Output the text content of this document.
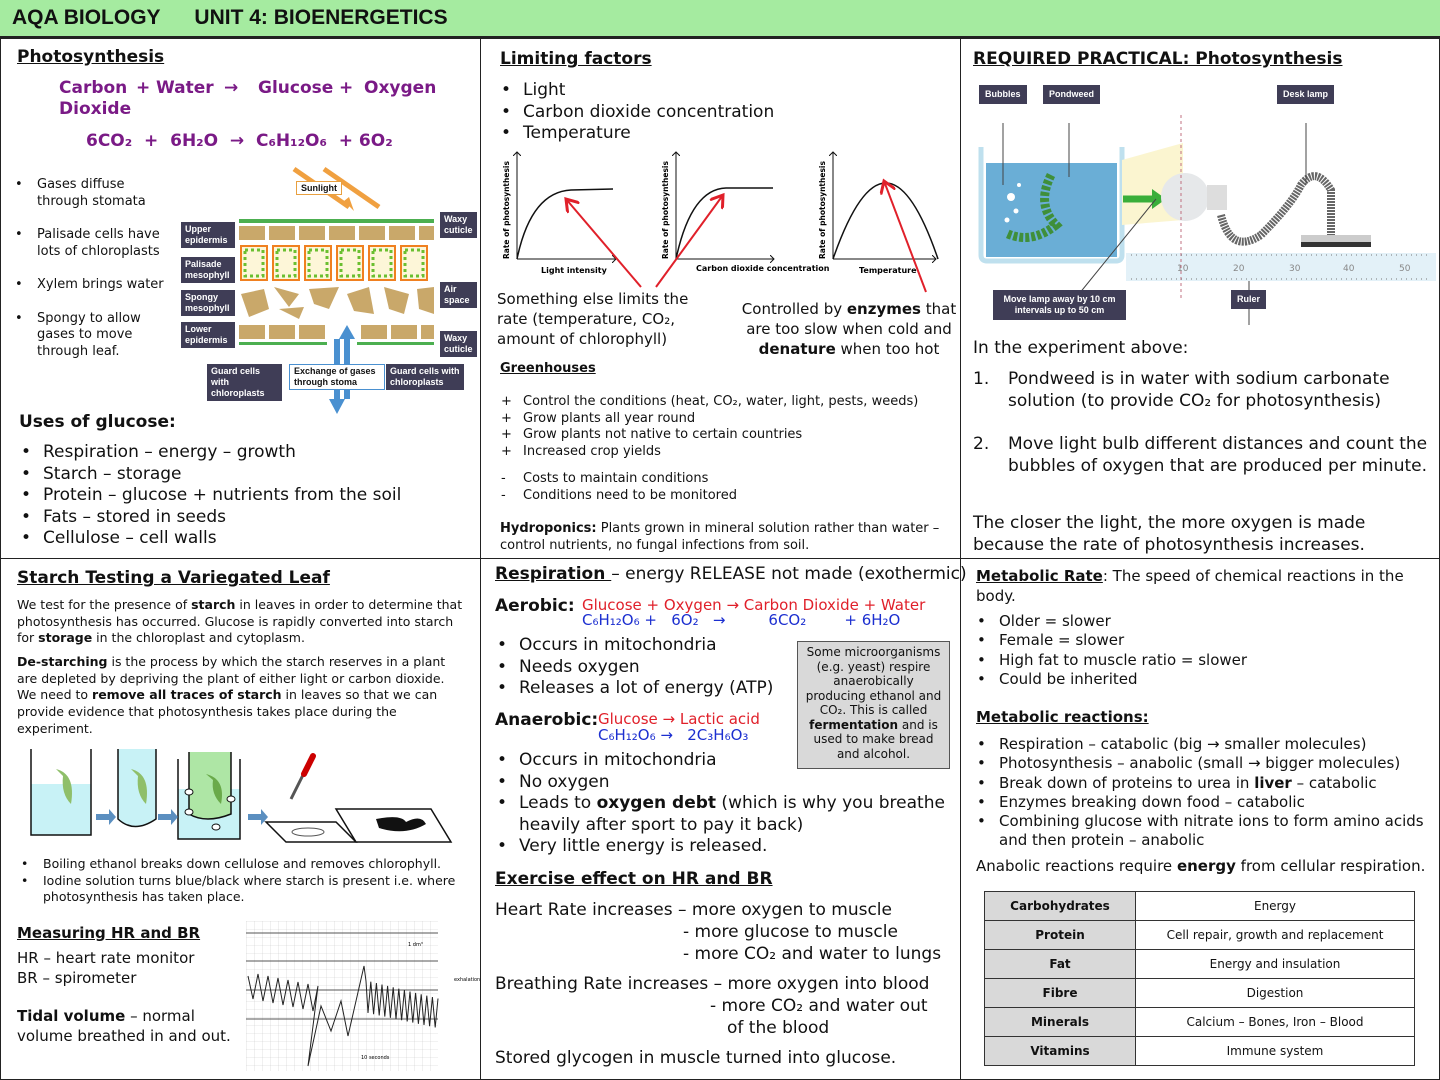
AQA BIOLOGY UNIT 4: BIOENERGETICS
Photosynthesis
Carbon
Dioxide
+ Water → Glucose + Oxygen
6CO₂  +  6H₂O  →  C₆H₁₂O₆  + 6O₂
• Gases diffuse through stomata
• Palisade cells have lots of chloroplasts
• Xylem brings water
• Spongy to allow gases to move through leaf.
Sunlight
Upper epidermis
Palisade mesophyll
Spongy mesophyll
Lower epidermis
Waxy cuticle
Air space
Waxy cuticle
Guard cells with chloroplasts
Exchange of gases through stoma
Guard cells with chloroplasts
Uses of glucose:
• Respiration – energy – growth
• Starch – storage
• Protein – glucose + nutrients from the soil
• Fats – stored in seeds
• Cellulose – cell walls
Limiting factors
• Light
• Carbon dioxide concentration
• Temperature
Rate of photosynthesis	Rate of photosynthesis	Rate of photosynthesis
Light intensity	Carbon dioxide concentration	Temperature
Something else limits the rate (temperature, CO₂, amount of chlorophyll)
Controlled by enzymes that are too slow when cold and denature when too hot
Greenhouses
+ Control the conditions (heat, CO₂, water, light, pests, weeds)
+ Grow plants all year round
+ Grow plants not native to certain countries
+ Increased crop yields
- Costs to maintain conditions
- Conditions need to be monitored
Hydroponics: Plants grown in mineral solution rather than water – control nutrients, no fungal infections from soil.
REQUIRED PRACTICAL: Photosynthesis
10	20	30	40	50
Bubbles	Pondweed	Desk lamp
Move lamp away by 10 cm intervals up to 50 cm
Ruler
In the experiment above:
1. Pondweed is in water with sodium carbonate solution (to provide CO₂ for photosynthesis)
2. Move light bulb different distances and count the bubbles of oxygen that are produced per minute.
The closer the light, the more oxygen is made because the rate of photosynthesis increases.
Starch Testing a Variegated Leaf
We test for the presence of starch in leaves in order to determine that photosynthesis has occurred. Glucose is rapidly converted into starch for storage in the chloroplast and cytoplasm.
De-starching is the process by which the starch reserves in a plant are depleted by depriving the plant of either light or carbon dioxide. We need to remove all traces of starch in leaves so that we can provide evidence that photosynthesis takes place during the experiment.
• Boiling ethanol breaks down cellulose and removes chlorophyll.
• Iodine solution turns blue/black where starch is present i.e. where photosynthesis has taken place.
Measuring HR and BR
HR – heart rate monitor
BR – spirometer
Tidal volume – normal volume breathed in and out.
1 dm³
exhalation
10 seconds
Respiration – energy RELEASE not made (exothermic)
Aerobic: Glucose + Oxygen → Carbon Dioxide + Water
C₆H₁₂O₆ +   6O₂   →         6CO₂        + 6H₂O
• Occurs in mitochondria
• Needs oxygen
• Releases a lot of energy (ATP)
Some microorganisms (e.g. yeast) respire anaerobically producing ethanol and CO₂. This is called fermentation and is used to make bread and alcohol.
Anaerobic: Glucose → Lactic acid
C₆H₁₂O₆ →   2C₃H₆O₃
• Occurs in mitochondria
• No oxygen
• Leads to oxygen debt (which is why you breathe heavily after sport to pay it back)
• Very little energy is released.
Exercise effect on HR and BR
Heart Rate increases – more oxygen to muscle
- more glucose to muscle
- more CO₂ and water to lungs
Breathing Rate increases – more oxygen into blood
- more CO₂ and water out
of the blood
Stored glycogen in muscle turned into glucose.
Metabolic Rate: The speed of chemical reactions in the body.
• Older = slower
• Female = slower
• High fat to muscle ratio = slower
• Could be inherited
Metabolic reactions:
• Respiration – catabolic (big → smaller molecules)
• Photosynthesis – anabolic (small → bigger molecules)
• Break down of proteins to urea in liver – catabolic
• Enzymes breaking down food – catabolic
• Combining glucose with nitrate ions to form amino acids and then protein – anabolic
Anabolic reactions require energy from cellular respiration.
Carbohydrates	Energy
Protein	Cell repair, growth and replacement
Fat	Energy and insulation
Fibre	Digestion
Minerals	Calcium – Bones, Iron – Blood
Vitamins	Immune system
